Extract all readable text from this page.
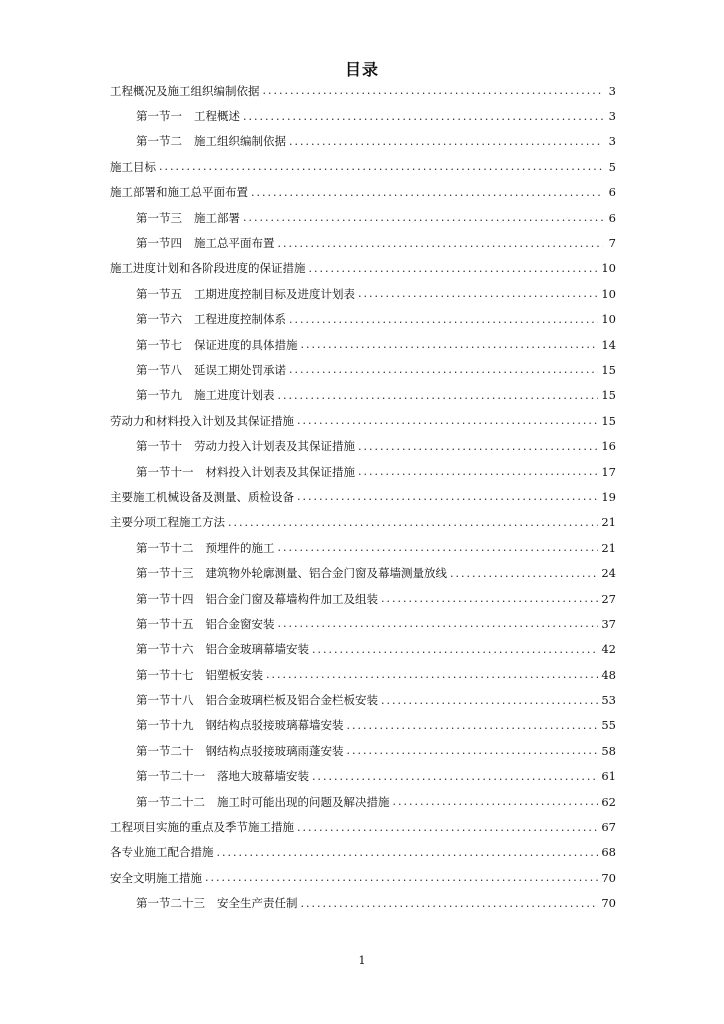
目录
工程概况及施工组织编制依据 .....	3
第一节一 工程概述 .....	3
第一节二 施工组织编制依据 .....	3
施工目标 .....	5
施工部署和施工总平面布置 .....	6
第一节三 施工部署 .....	6
第一节四 施工总平面布置 .....	7
施工进度计划和各阶段进度的保证措施 .....	10
第一节五 工期进度控制目标及进度计划表 .....	10
第一节六 工程进度控制体系 .....	10
第一节七 保证进度的具体措施 .....	14
第一节八 延误工期处罚承诺 .....	15
第一节九 施工进度计划表 .....	15
劳动力和材料投入计划及其保证措施 .....	15
第一节十 劳动力投入计划表及其保证措施 .....	16
第一节十一 材料投入计划表及其保证措施 .....	17
主要施工机械设备及测量、质检设备 .....	19
主要分项工程施工方法 .....	21
第一节十二 预埋件的施工 .....	21
第一节十三 建筑物外轮廓测量、铝合金门窗及幕墙测量放线 .....	24
第一节十四 铝合金门窗及幕墙构件加工及组装 .....	27
第一节十五 铝合金窗安装 .....	37
第一节十六 铝合金玻璃幕墙安装 .....	42
第一节十七 铝塑板安装 .....	48
第一节十八 铝合金玻璃栏板及铝合金栏板安装 .....	53
第一节十九 钢结构点驳接玻璃幕墙安装 .....	55
第一节二十 钢结构点驳接玻璃雨蓬安装 .....	58
第一节二十一 落地大玻幕墙安装 .....	61
第一节二十二 施工时可能出现的问题及解决措施 .....	62
工程项目实施的重点及季节施工措施 .....	67
各专业施工配合措施 .....	68
安全文明施工措施 .....	70
第一节二十三 安全生产责任制 .....	70
1
